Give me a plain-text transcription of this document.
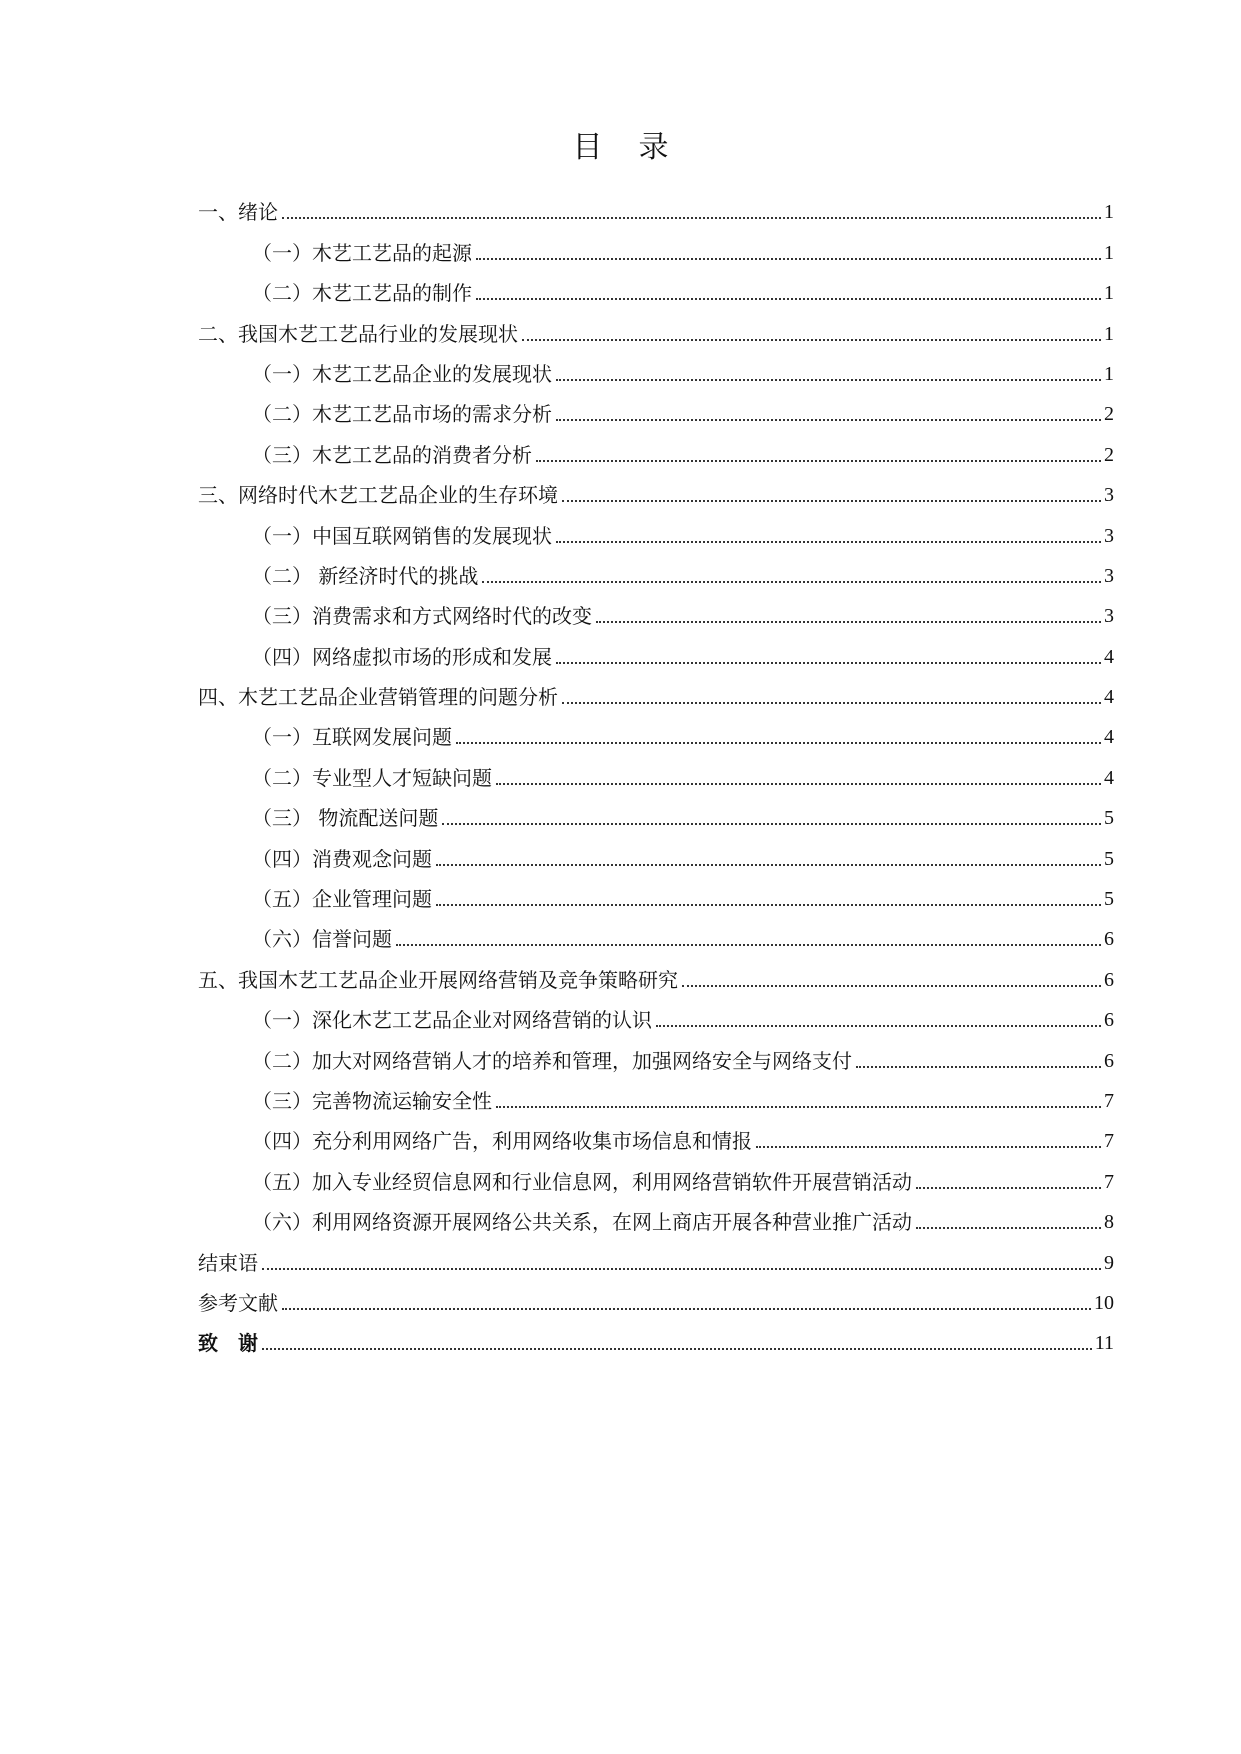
目 录
一、绪论	1
（一）木艺工艺品的起源	1
（二）木艺工艺品的制作	1
二、我国木艺工艺品行业的发展现状	1
（一）木艺工艺品企业的发展现状	1
（二）木艺工艺品市场的需求分析	2
（三）木艺工艺品的消费者分析	2
三、网络时代木艺工艺品企业的生存环境	3
（一）中国互联网销售的发展现状	3
（二） 新经济时代的挑战	3
（三）消费需求和方式网络时代的改变	3
（四）网络虚拟市场的形成和发展	4
四、木艺工艺品企业营销管理的问题分析	4
（一）互联网发展问题	4
（二）专业型人才短缺问题	4
（三） 物流配送问题	5
（四）消费观念问题	5
（五）企业管理问题	5
（六）信誉问题	6
五、我国木艺工艺品企业开展网络营销及竞争策略研究	6
（一）深化木艺工艺品企业对网络营销的认识	6
（二）加大对网络营销人才的培养和管理，加强网络安全与网络支付	6
（三）完善物流运输安全性	7
（四）充分利用网络广告，利用网络收集市场信息和情报	7
（五）加入专业经贸信息网和行业信息网，利用网络营销软件开展营销活动	7
（六）利用网络资源开展网络公共关系，在网上商店开展各种营业推广活动	8
结束语	9
参考文献	10
致　谢	11
